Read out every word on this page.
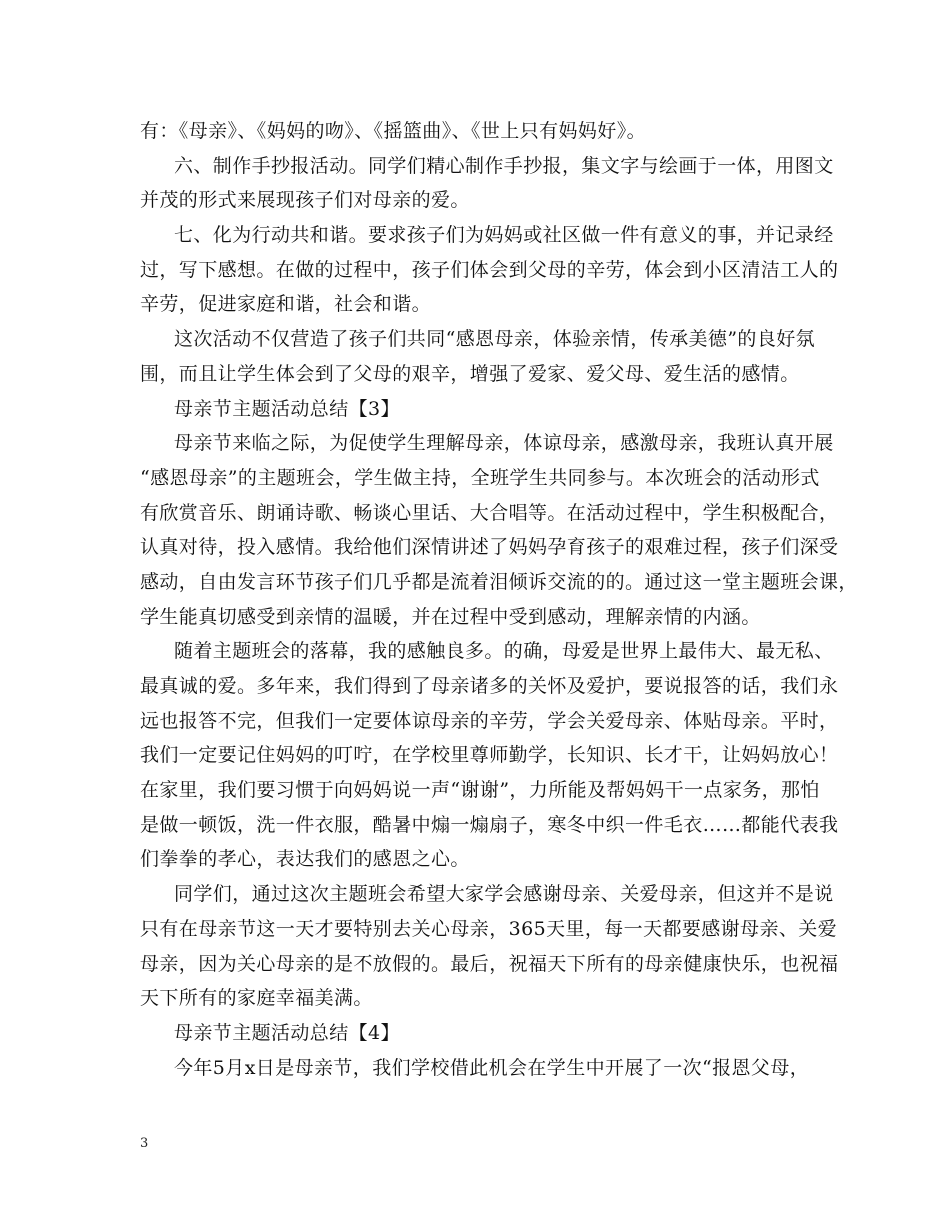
有：《母亲》、《妈妈的吻》、《摇篮曲》、《世上只有妈妈好》。
六、制作手抄报活动。同学们精心制作手抄报，集文字与绘画于一体，用图文
并茂的形式来展现孩子们对母亲的爱。
七、化为行动共和谐。要求孩子们为妈妈或社区做一件有意义的事，并记录经
过，写下感想。在做的过程中，孩子们体会到父母的辛劳，体会到小区清洁工人的
辛劳，促进家庭和谐，社会和谐。
这次活动不仅营造了孩子们共同“感恩母亲，体验亲情，传承美德”的良好氛
围，而且让学生体会到了父母的艰辛，增强了爱家、爱父母、爱生活的感情。
母亲节主题活动总结【3】
母亲节来临之际，为促使学生理解母亲，体谅母亲，感激母亲，我班认真开展
“感恩母亲”的主题班会，学生做主持，全班学生共同参与。本次班会的活动形式
有欣赏音乐、朗诵诗歌、畅谈心里话、大合唱等。在活动过程中，学生积极配合，
认真对待，投入感情。我给他们深情讲述了妈妈孕育孩子的艰难过程，孩子们深受
感动，自由发言环节孩子们几乎都是流着泪倾诉交流的的。通过这一堂主题班会课，
学生能真切感受到亲情的温暖，并在过程中受到感动，理解亲情的内涵。
随着主题班会的落幕，我的感触良多。的确，母爱是世界上最伟大、最无私、
最真诚的爱。多年来，我们得到了母亲诸多的关怀及爱护，要说报答的话，我们永
远也报答不完，但我们一定要体谅母亲的辛劳，学会关爱母亲、体贴母亲。平时，
我们一定要记住妈妈的叮咛，在学校里尊师勤学，长知识、长才干，让妈妈放心！
在家里，我们要习惯于向妈妈说一声“谢谢”，力所能及帮妈妈干一点家务，那怕
是做一顿饭，洗一件衣服，酷暑中煽一煽扇子，寒冬中织一件毛衣……都能代表我
们拳拳的孝心，表达我们的感恩之心。
同学们，通过这次主题班会希望大家学会感谢母亲、关爱母亲，但这并不是说
只有在母亲节这一天才要特别去关心母亲，365天里，每一天都要感谢母亲、关爱
母亲，因为关心母亲的是不放假的。最后，祝福天下所有的母亲健康快乐，也祝福
天下所有的家庭幸福美满。
母亲节主题活动总结【4】
今年5月x日是母亲节，我们学校借此机会在学生中开展了一次“报恩父母，
3
